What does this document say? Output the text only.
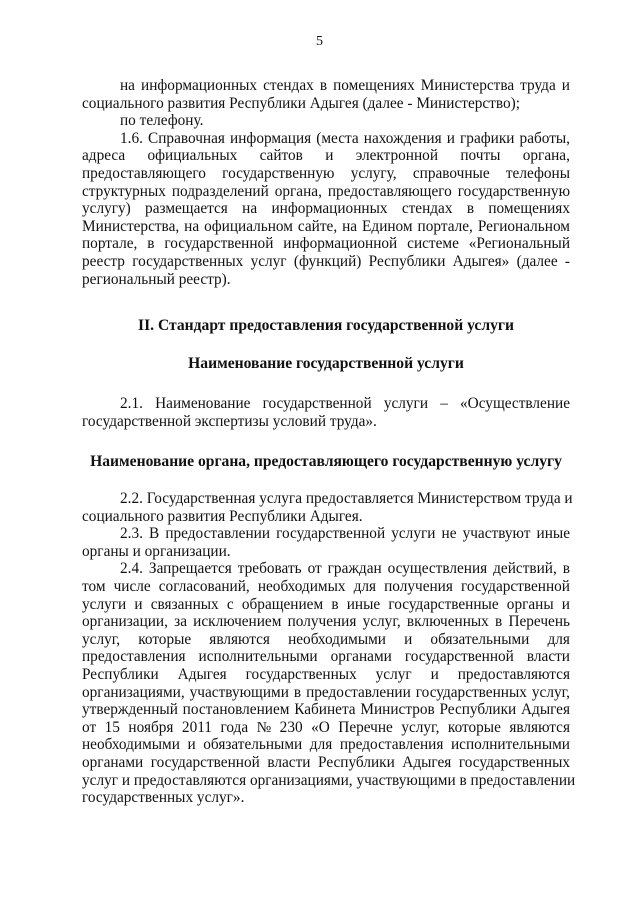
5
на информационных стендах в помещениях Министерства труда и
социального развития Республики Адыгея (далее - Министерство);
по телефону.
1.6. Справочная информация (места нахождения и графики работы,
адреса официальных сайтов и электронной почты органа,
предоставляющего государственную услугу, справочные телефоны
структурных подразделений органа, предоставляющего государственную
услугу) размещается на информационных стендах в помещениях
Министерства, на официальном сайте, на Едином портале, Региональном
портале, в государственной информационной системе «Региональный
реестр государственных услуг (функций) Республики Адыгея» (далее -
региональный реестр).
II. Стандарт предоставления государственной услуги
Наименование государственной услуги
2.1. Наименование государственной услуги – «Осуществление
государственной экспертизы условий труда».
Наименование органа, предоставляющего государственную услугу
2.2. Государственная услуга предоставляется Министерством труда и
социального развития Республики Адыгея.
2.3. В предоставлении государственной услуги не участвуют иные
органы и организации.
2.4. Запрещается требовать от граждан осуществления действий, в
том числе согласований, необходимых для получения государственной
услуги и связанных с обращением в иные государственные органы и
организации, за исключением получения услуг, включенных в Перечень
услуг, которые являются необходимыми и обязательными для
предоставления исполнительными органами государственной власти
Республики Адыгея государственных услуг и предоставляются
организациями, участвующими в предоставлении государственных услуг,
утвержденный постановлением Кабинета Министров Республики Адыгея
от 15 ноября 2011 года № 230 «О Перечне услуг, которые являются
необходимыми и обязательными для предоставления исполнительными
органами государственной власти Республики Адыгея государственных
услуг и предоставляются организациями, участвующими в предоставлении
государственных услуг».
